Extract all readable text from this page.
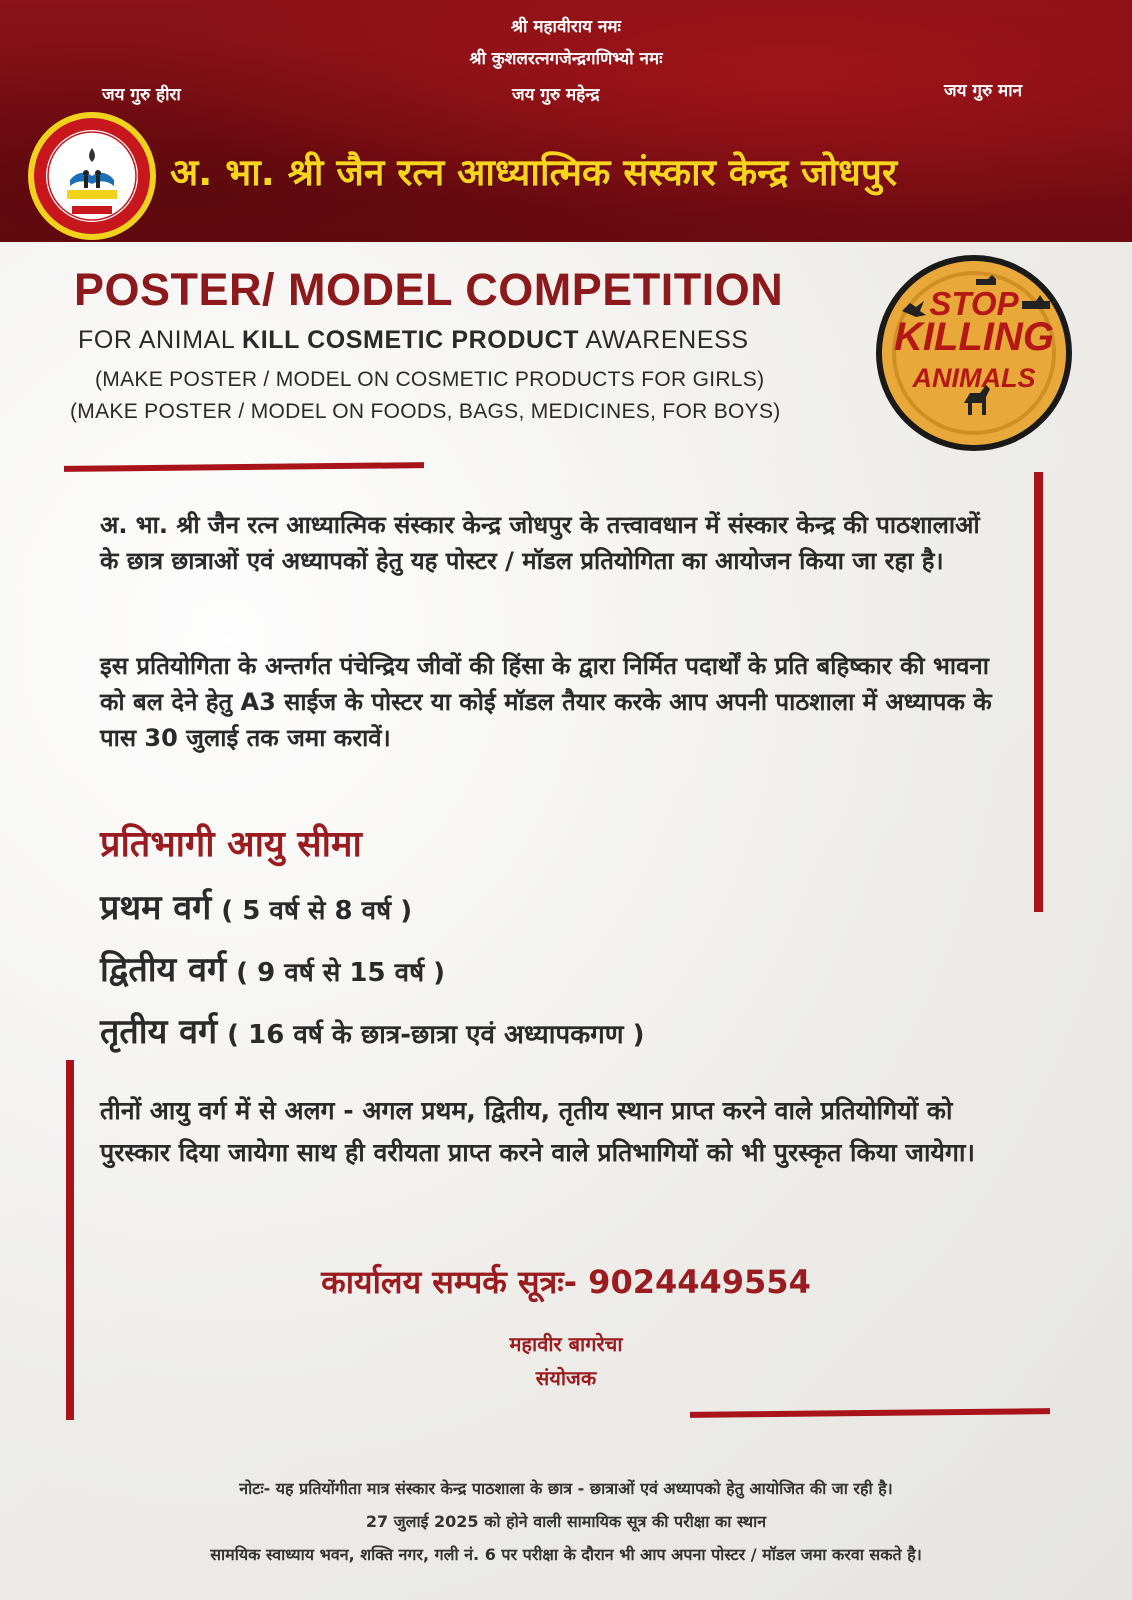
श्री महावीराय नमः
श्री कुशलरत्नगजेन्द्रगणिभ्यो नमः
जय गुरु हीरा	जय गुरु महेन्द्र	जय गुरु मान
अ. भा. श्री जैन रत्न आध्यात्मिक संस्कार केन्द्र जोधपुर
POSTER/ MODEL COMPETITION
FOR ANIMAL KILL COSMETIC PRODUCT AWARENESS
(MAKE POSTER / MODEL ON COSMETIC PRODUCTS FOR GIRLS)
(MAKE POSTER / MODEL ON FOODS, BAGS, MEDICINES, FOR BOYS)
STOP
KILLING
ANIMALS
अ. भा. श्री जैन रत्न आध्यात्मिक संस्कार केन्द्र जोधपुर के तत्त्वावधान में संस्कार केन्द्र की पाठशालाओं के छात्र छात्राओं एवं अध्यापकों हेतु यह पोस्टर / मॉडल प्रतियोगिता का आयोजन किया जा रहा है।
इस प्रतियोगिता के अन्तर्गत पंचेन्द्रिय जीवों की हिंसा के द्वारा निर्मित पदार्थों के प्रति बहिष्कार की भावना को बल देने हेतु A3 साईज के पोस्टर या कोई मॉडल तैयार करके आप अपनी पाठशाला में अध्यापक के पास 30 जुलाई तक जमा करावें।
प्रतिभागी आयु सीमा
प्रथम वर्ग ( 5 वर्ष से 8 वर्ष )
द्वितीय वर्ग ( 9 वर्ष से 15 वर्ष )
तृतीय वर्ग ( 16 वर्ष के छात्र-छात्रा एवं अध्यापकगण )
तीनों आयु वर्ग में से अलग - अगल प्रथम, द्वितीय, तृतीय स्थान प्राप्त करने वाले प्रतियोगियों को पुरस्कार दिया जायेगा साथ ही वरीयता प्राप्त करने वाले प्रतिभागियों को भी पुरस्कृत किया जायेगा।
कार्यालय सम्पर्क सूत्रः- 9024449554
महावीर बागरेचा
संयोजक
नोटः- यह प्रतियोंगीता मात्र संस्कार केन्द्र पाठशाला के छात्र - छात्राओं एवं अध्यापको हेतु आयोजित की जा रही है।
27 जुलाई 2025 को होने वाली सामायिक सूत्र की परीक्षा का स्थान
सामयिक स्वाध्याय भवन, शक्ति नगर, गली नं. 6 पर परीक्षा के दौरान भी आप अपना पोस्टर / मॉडल जमा करवा सकते है।
